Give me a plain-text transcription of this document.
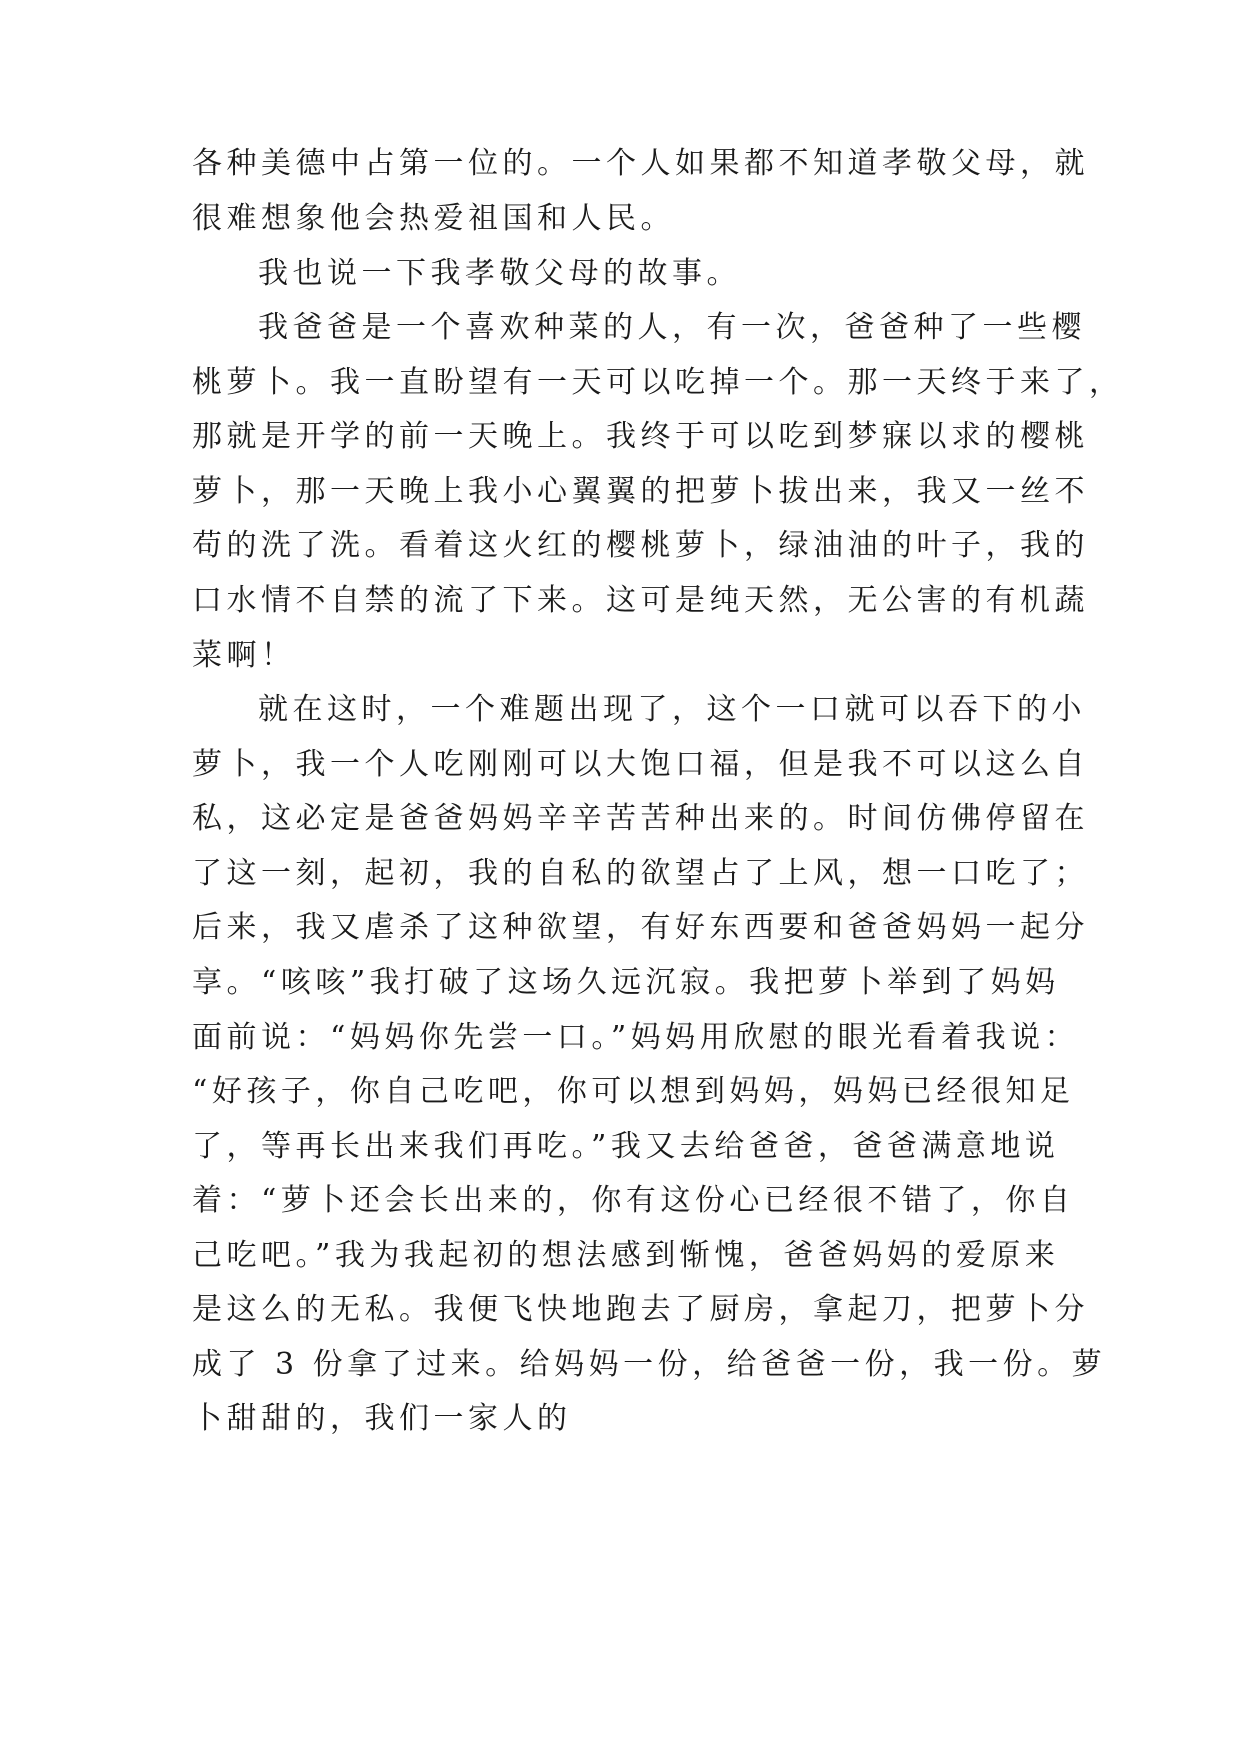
各种美德中占第一位的。一个人如果都不知道孝敬父母，就
很难想象他会热爱祖国和人民。
我也说一下我孝敬父母的故事。
我爸爸是一个喜欢种菜的人，有一次，爸爸种了一些樱
桃萝卜。我一直盼望有一天可以吃掉一个。那一天终于来了，
那就是开学的前一天晚上。我终于可以吃到梦寐以求的樱桃
萝卜，那一天晚上我小心翼翼的把萝卜拔出来，我又一丝不
苟的洗了洗。看着这火红的樱桃萝卜，绿油油的叶子，我的
口水情不自禁的流了下来。这可是纯天然，无公害的有机蔬
菜啊！
就在这时，一个难题出现了，这个一口就可以吞下的小
萝卜，我一个人吃刚刚可以大饱口福，但是我不可以这么自
私，这必定是爸爸妈妈辛辛苦苦种出来的。时间仿佛停留在
了这一刻，起初，我的自私的欲望占了上风，想一口吃了；
后来，我又虐杀了这种欲望，有好东西要和爸爸妈妈一起分
享。“咳咳”我打破了这场久远沉寂。我把萝卜举到了妈妈
面前说：“妈妈你先尝一口。”妈妈用欣慰的眼光看着我说：
“好孩子，你自己吃吧，你可以想到妈妈，妈妈已经很知足
了，等再长出来我们再吃。”我又去给爸爸，爸爸满意地说
着：“萝卜还会长出来的，你有这份心已经很不错了，你自
己吃吧。”我为我起初的想法感到惭愧，爸爸妈妈的爱原来
是这么的无私。我便飞快地跑去了厨房，拿起刀，把萝卜分
成了 3 份拿了过来。给妈妈一份，给爸爸一份，我一份。萝
卜甜甜的，我们一家人的
